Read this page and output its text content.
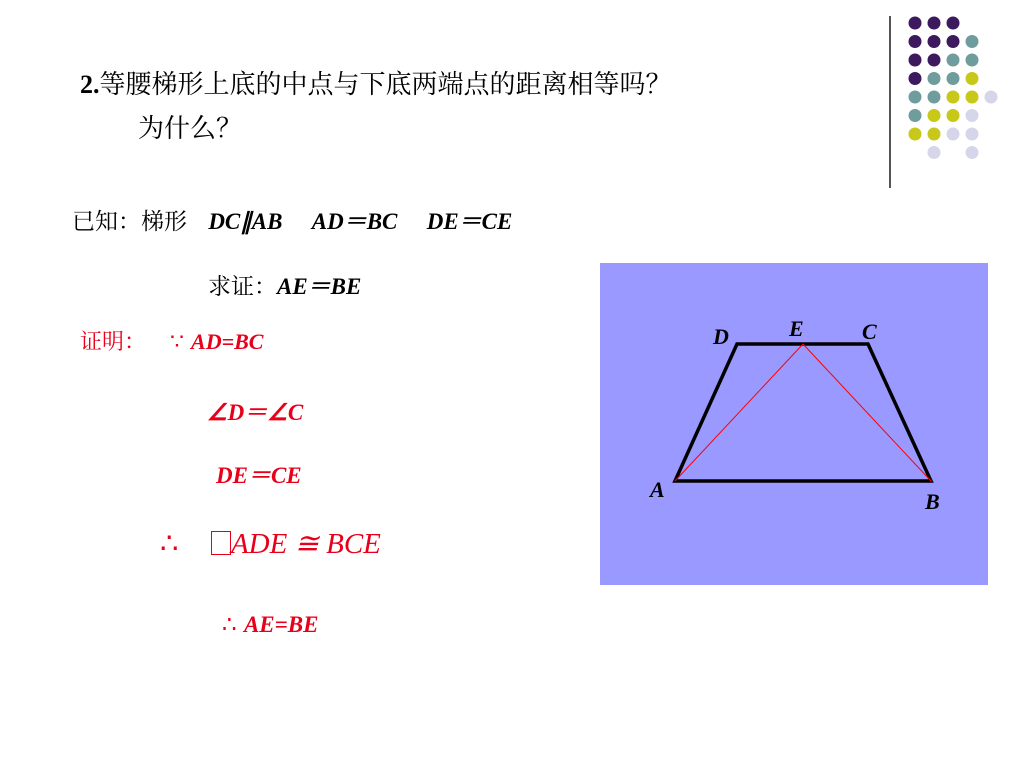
2.等腰梯形上底的中点与下底两端点的距离相等吗？
为什么？
已知：梯形 DC∥AB AD＝BC DE＝CE
求证：AE＝BE
证明： ∵ AD=BC
∠D＝∠C
DE＝CE
∴ ADE ≅ BCE
∴ AE=BE
D	E	C
A	B
